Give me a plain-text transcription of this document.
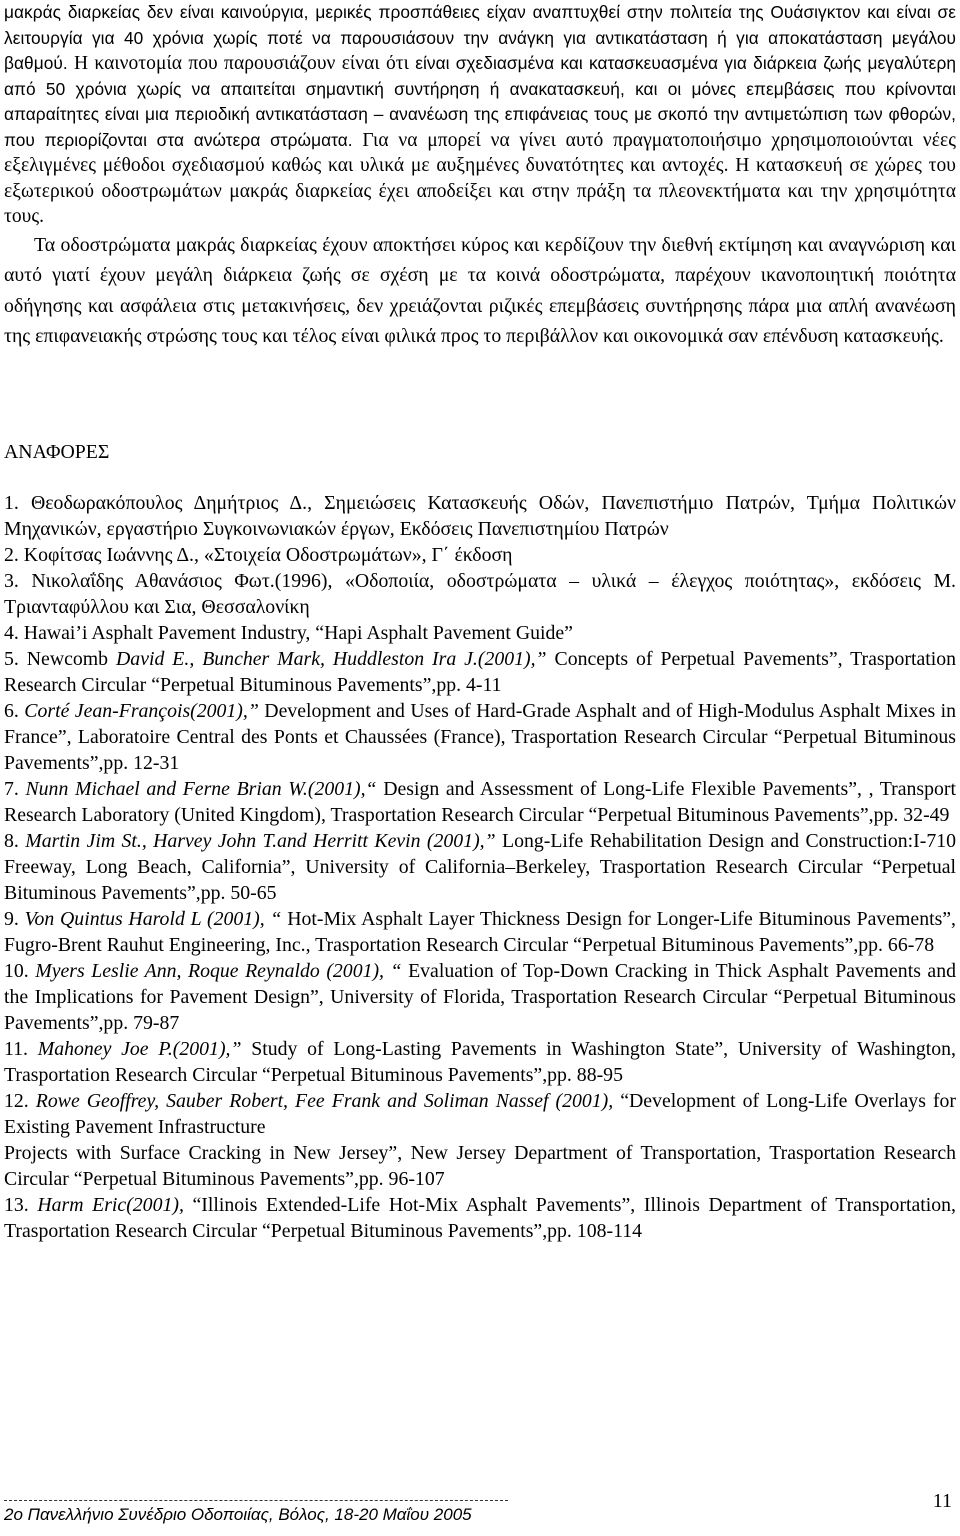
μακράς διαρκείας δεν είναι καινούργια, μερικές προσπάθειες είχαν αναπτυχθεί στην πολιτεία της Ουάσιγκτον και είναι σε λειτουργία για 40 χρόνια χωρίς ποτέ να παρουσιάσουν την ανάγκη για αντικατάσταση ή για αποκατάσταση μεγάλου βαθμού. Η καινοτομία που παρουσιάζουν είναι ότι είναι σχεδιασμένα και κατασκευασμένα για διάρκεια ζωής μεγαλύτερη από 50 χρόνια χωρίς να απαιτείται σημαντική συντήρηση ή ανακατασκευή, και οι μόνες επεμβάσεις που κρίνονται απαραίτητες είναι μια περιοδική αντικατάσταση – ανανέωση της επιφάνειας τους με σκοπό την αντιμετώπιση των φθορών, που περιορίζονται στα ανώτερα στρώματα. Για να μπορεί να γίνει αυτό πραγματοποιήσιμο χρησιμοποιούνται νέες εξελιγμένες μέθοδοι σχεδιασμού καθώς και υλικά με αυξημένες δυνατότητες και αντοχές. Η κατασκευή σε χώρες του εξωτερικού οδοστρωμάτων μακράς διαρκείας έχει αποδείξει και στην πράξη τα πλεονεκτήματα και την χρησιμότητα τους.

Τα οδοστρώματα μακράς διαρκείας έχουν αποκτήσει κύρος και κερδίζουν την διεθνή εκτίμηση και αναγνώριση και αυτό γιατί έχουν μεγάλη διάρκεια ζωής σε σχέση με τα κοινά οδοστρώματα, παρέχουν ικανοποιητική ποιότητα οδήγησης και ασφάλεια στις μετακινήσεις, δεν χρειάζονται ριζικές επεμβάσεις συντήρησης πάρα μια απλή ανανέωση της επιφανειακής στρώσης τους και τέλος είναι φιλικά προς το περιβάλλον και οικονομικά σαν επένδυση κατασκευής.

ΑΝΑΦΟΡΕΣ

1. Θεοδωρακόπουλος Δημήτριος Δ., Σημειώσεις Κατασκευής Οδών, Πανεπιστήμιο Πατρών, Τμήμα Πολιτικών Μηχανικών, εργαστήριο Συγκοινωνιακών έργων, Εκδόσεις Πανεπιστημίου Πατρών

2. Κοφίτσας Ιωάννης Δ., «Στοιχεία Οδοστρωμάτων», Γ΄ έκδοση

3. Νικολαΐδης Αθανάσιος Φωτ.(1996), «Οδοποιία, οδοστρώματα – υλικά – έλεγχος ποιότητας», εκδόσεις Μ. Τριανταφύλλου και Σια, Θεσσαλονίκη

4. Hawai’i Asphalt Pavement Industry, “Hapi Asphalt Pavement Guide”

5. Newcomb David E., Buncher Mark, Huddleston Ira J.(2001),” Concepts of Perpetual Pavements”, Trasportation Research Circular “Perpetual Bituminous Pavements”,pp. 4-11

6. Corté Jean-François(2001),” Development and Uses of Hard-Grade Asphalt and of High-Modulus Asphalt Mixes in France”, Laboratoire Central des Ponts et Chaussées (France), Trasportation Research Circular “Perpetual Bituminous Pavements”,pp. 12-31

7. Nunn Michael and Ferne Brian W.(2001),“ Design and Assessment of Long-Life Flexible Pavements”, , Transport Research Laboratory (United Kingdom), Trasportation Research Circular “Perpetual Bituminous Pavements”,pp. 32-49

8. Martin Jim St., Harvey John T.and Herritt Kevin (2001),” Long-Life Rehabilitation Design and Construction:I-710 Freeway, Long Beach, California”, University of California–Berkeley, Trasportation Research Circular “Perpetual Bituminous Pavements”,pp. 50-65

9. Von Quintus Harold L (2001), “ Hot-Mix Asphalt Layer Thickness Design for Longer-Life Bituminous Pavements”, Fugro-Brent Rauhut Engineering, Inc., Trasportation Research Circular “Perpetual Bituminous Pavements”,pp. 66-78

10. Myers Leslie Ann, Roque Reynaldo (2001), “ Evaluation of Top-Down Cracking in Thick Asphalt Pavements and the Implications for Pavement Design”, University of Florida, Trasportation Research Circular “Perpetual Bituminous Pavements”,pp. 79-87

11. Mahoney Joe P.(2001),” Study of Long-Lasting Pavements in Washington State”, University of Washington, Trasportation Research Circular “Perpetual Bituminous Pavements”,pp. 88-95

12. Rowe Geoffrey, Sauber Robert, Fee Frank and Soliman Nassef (2001), “Development of Long-Life Overlays for Existing Pavement Infrastructure

Projects with Surface Cracking in New Jersey”, New Jersey Department of Transportation, Trasportation Research Circular “Perpetual Bituminous Pavements”,pp. 96-107

13. Harm Eric(2001), “Illinois Extended-Life Hot-Mix Asphalt Pavements”, Illinois Department of Transportation, Trasportation Research Circular “Perpetual Bituminous Pavements”,pp. 108-114

2ο Πανελλήνιο Συνέδριο Οδοποιίας, Βόλος, 18-20 Μαΐου 2005
11
